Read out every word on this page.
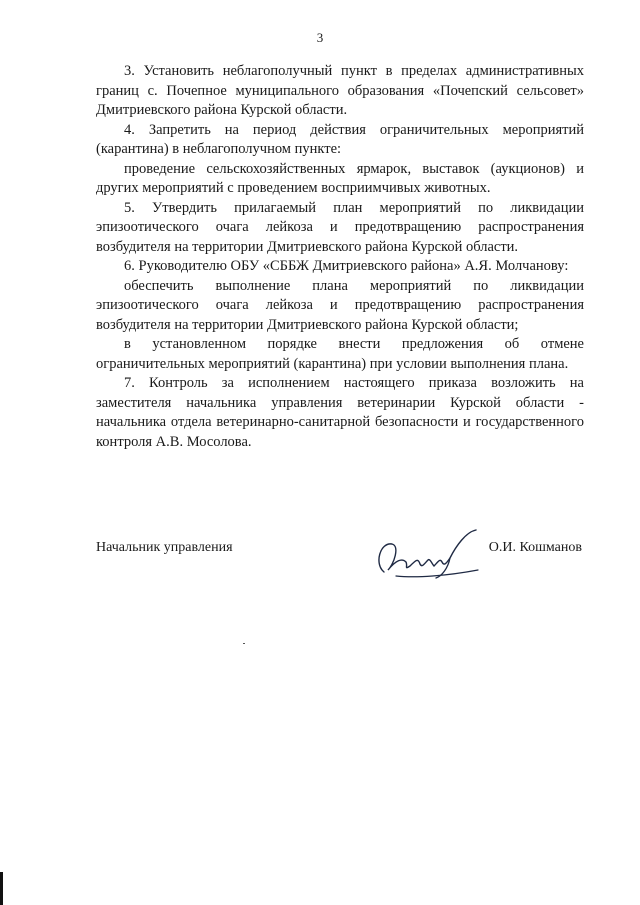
3

3. Установить неблагополучный пункт в пределах административных границ с. Почепное муниципального образования «Почепский сельсовет» Дмитриевского района Курской области.

4. Запретить на период действия ограничительных мероприятий (карантина) в неблагополучном пункте:

проведение сельскохозяйственных ярмарок, выставок (аукционов) и других мероприятий с проведением восприимчивых животных.

5. Утвердить прилагаемый план мероприятий по ликвидации эпизоотического очага лейкоза и предотвращению распространения возбудителя на территории Дмитриевского района Курской области.

6. Руководителю ОБУ «СББЖ Дмитриевского района» А.Я. Молчанову:

обеспечить выполнение плана мероприятий по ликвидации эпизоотического очага лейкоза и предотвращению распространения возбудителя на территории Дмитриевского района Курской области;

в установленном порядке внести предложения об отмене ограничительных мероприятий (карантина) при условии выполнения плана.

7. Контроль за исполнением настоящего приказа возложить на заместителя начальника управления ветеринарии Курской области - начальника отдела ветеринарно-санитарной безопасности и государственного контроля А.В. Мосолова.

Начальник управления	О.И. Кошманов
